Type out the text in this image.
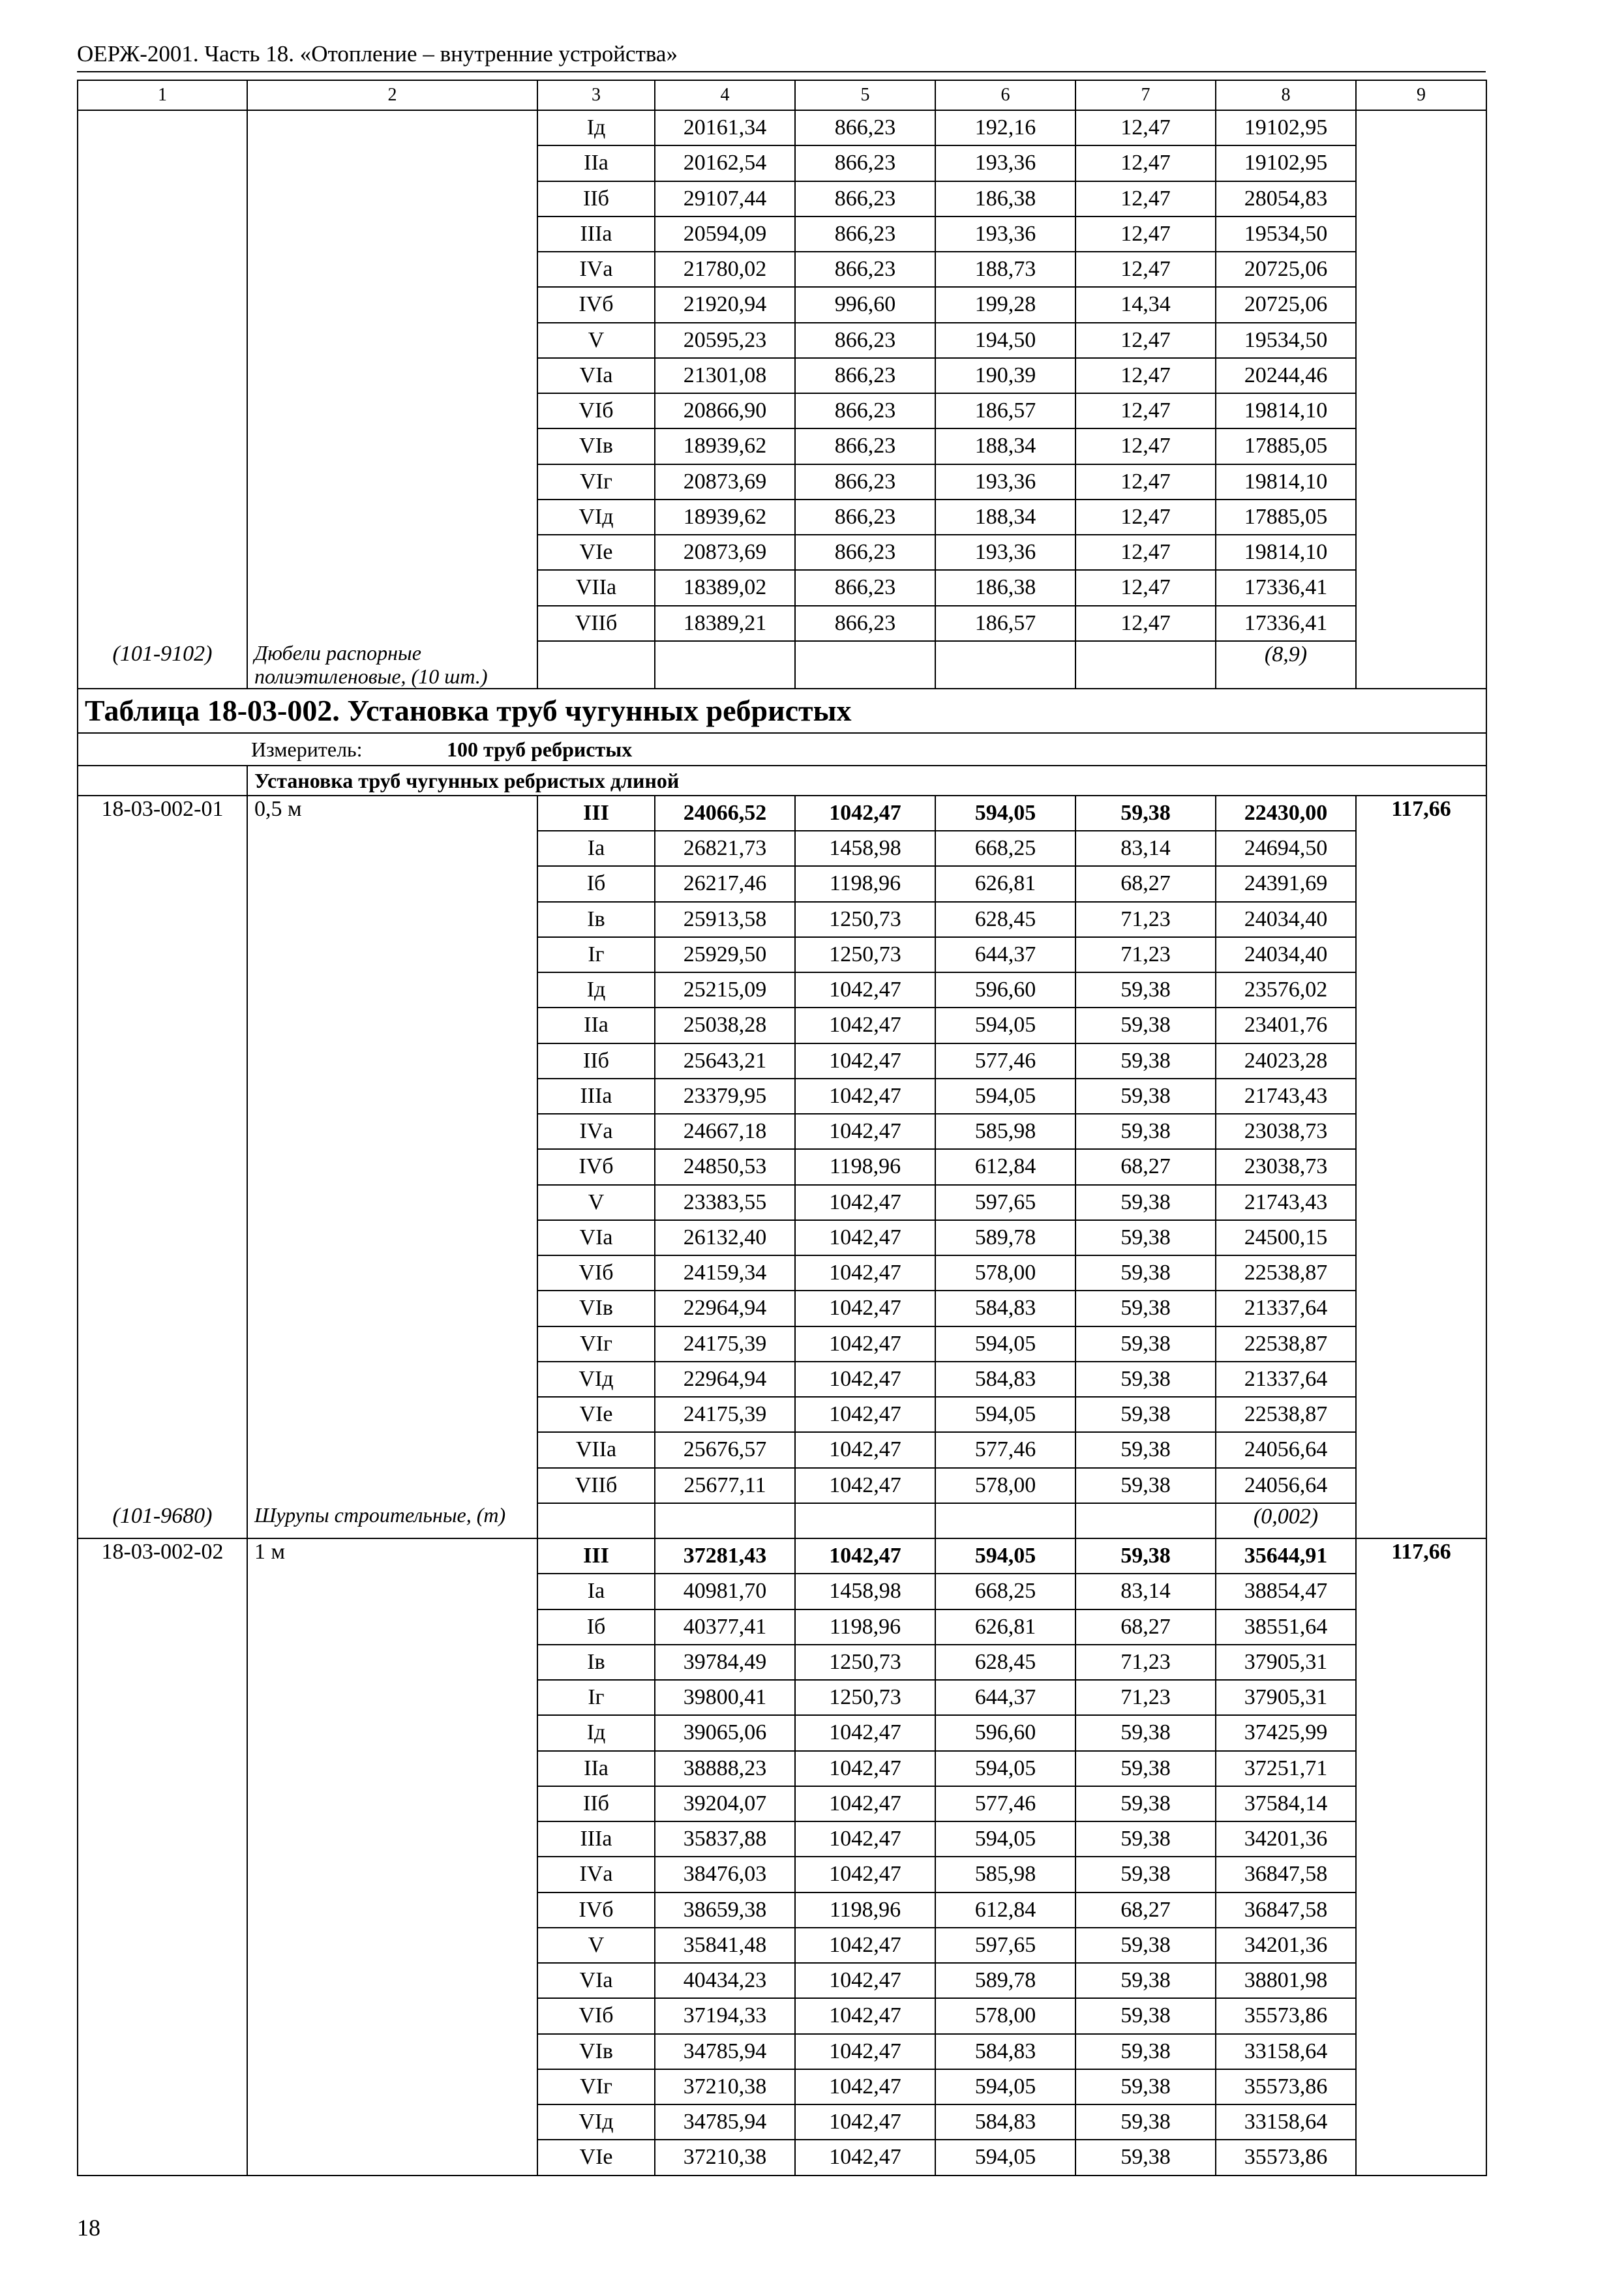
ОЕРЖ-2001. Часть 18. «Отопление – внутренние устройства»
1	2	3	4	5	6	7	8	9
		Iд	20161,34	866,23	192,16	12,47	19102,95	
		IIа	20162,54	866,23	193,36	12,47	19102,95	
		IIб	29107,44	866,23	186,38	12,47	28054,83	
		IIIа	20594,09	866,23	193,36	12,47	19534,50	
		IVа	21780,02	866,23	188,73	12,47	20725,06	
		IVб	21920,94	996,60	199,28	14,34	20725,06	
		V	20595,23	866,23	194,50	12,47	19534,50	
		VIа	21301,08	866,23	190,39	12,47	20244,46	
		VIб	20866,90	866,23	186,57	12,47	19814,10	
		VIв	18939,62	866,23	188,34	12,47	17885,05	
		VIг	20873,69	866,23	193,36	12,47	19814,10	
		VIд	18939,62	866,23	188,34	12,47	17885,05	
		VIе	20873,69	866,23	193,36	12,47	19814,10	
		VIIа	18389,02	866,23	186,38	12,47	17336,41	
		VIIб	18389,21	866,23	186,57	12,47	17336,41	
(101-9102)	Дюбели распорные полиэтиленовые, (10 шт.)						(8,9)	
Таблица 18-03-002. Установка труб чугунных ребристых								
Измеритель: 100 труб ребристых								
	Установка труб чугунных ребристых длиной							
18-03-002-01	0,5 м	III	24066,52	1042,47	594,05	59,38	22430,00	117,66
		Iа	26821,73	1458,98	668,25	83,14	24694,50	
		Iб	26217,46	1198,96	626,81	68,27	24391,69	
		Iв	25913,58	1250,73	628,45	71,23	24034,40	
		Iг	25929,50	1250,73	644,37	71,23	24034,40	
		Iд	25215,09	1042,47	596,60	59,38	23576,02	
		IIа	25038,28	1042,47	594,05	59,38	23401,76	
		IIб	25643,21	1042,47	577,46	59,38	24023,28	
		IIIа	23379,95	1042,47	594,05	59,38	21743,43	
		IVа	24667,18	1042,47	585,98	59,38	23038,73	
		IVб	24850,53	1198,96	612,84	68,27	23038,73	
		V	23383,55	1042,47	597,65	59,38	21743,43	
		VIа	26132,40	1042,47	589,78	59,38	24500,15	
		VIб	24159,34	1042,47	578,00	59,38	22538,87	
		VIв	22964,94	1042,47	584,83	59,38	21337,64	
		VIг	24175,39	1042,47	594,05	59,38	22538,87	
		VIд	22964,94	1042,47	584,83	59,38	21337,64	
		VIе	24175,39	1042,47	594,05	59,38	22538,87	
		VIIа	25676,57	1042,47	577,46	59,38	24056,64	
		VIIб	25677,11	1042,47	578,00	59,38	24056,64	
(101-9680)	Шурупы строительные, (т)						(0,002)	
18-03-002-02	1 м	III	37281,43	1042,47	594,05	59,38	35644,91	117,66
		Iа	40981,70	1458,98	668,25	83,14	38854,47	
		Iб	40377,41	1198,96	626,81	68,27	38551,64	
		Iв	39784,49	1250,73	628,45	71,23	37905,31	
		Iг	39800,41	1250,73	644,37	71,23	37905,31	
		Iд	39065,06	1042,47	596,60	59,38	37425,99	
		IIа	38888,23	1042,47	594,05	59,38	37251,71	
		IIб	39204,07	1042,47	577,46	59,38	37584,14	
		IIIа	35837,88	1042,47	594,05	59,38	34201,36	
		IVа	38476,03	1042,47	585,98	59,38	36847,58	
		IVб	38659,38	1198,96	612,84	68,27	36847,58	
		V	35841,48	1042,47	597,65	59,38	34201,36	
		VIа	40434,23	1042,47	589,78	59,38	38801,98	
		VIб	37194,33	1042,47	578,00	59,38	35573,86	
		VIв	34785,94	1042,47	584,83	59,38	33158,64	
		VIг	37210,38	1042,47	594,05	59,38	35573,86	
		VIд	34785,94	1042,47	584,83	59,38	33158,64	
		VIе	37210,38	1042,47	594,05	59,38	35573,86	
18
